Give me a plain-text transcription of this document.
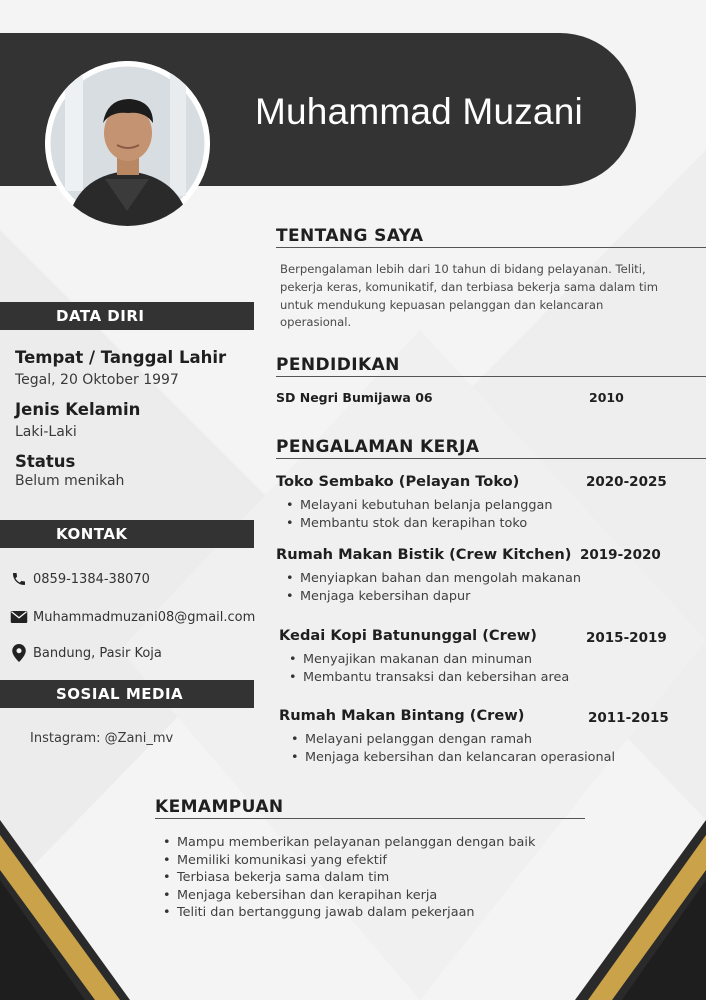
Muhammad Muzani
DATA DIRI
Tempat / Tanggal Lahir
Tegal, 20 Oktober 1997
Jenis Kelamin
Laki-Laki
Status
Belum menikah
KONTAK
0859-1384-38070
Muhammadmuzani08@gmail.com
Bandung, Pasir Koja
SOSIAL MEDIA
Instagram: @Zani_mv
TENTANG SAYA
Berpengalaman lebih dari 10 tahun di bidang pelayanan. Teliti, pekerja keras, komunikatif, dan terbiasa bekerja sama dalam tim untuk mendukung kepuasan pelanggan dan kelancaran operasional.
PENDIDIKAN
SD Negri Bumijawa 06	2010
PENGALAMAN KERJA
Toko Sembako (Pelayan Toko)	2020-2025
• Melayani kebutuhan belanja pelanggan
• Membantu stok dan kerapihan toko
Rumah Makan Bistik (Crew Kitchen) 2019-2020
• Menyiapkan bahan dan mengolah makanan
• Menjaga kebersihan dapur
Kedai Kopi Batununggal (Crew)	2015-2019
• Menyajikan makanan dan minuman
• Membantu transaksi dan kebersihan area
Rumah Makan Bintang (Crew)	2011-2015
• Melayani pelanggan dengan ramah
• Menjaga kebersihan dan kelancaran operasional
KEMAMPUAN
• Mampu memberikan pelayanan pelanggan dengan baik
• Memiliki komunikasi yang efektif
• Terbiasa bekerja sama dalam tim
• Menjaga kebersihan dan kerapihan kerja
• Teliti dan bertanggung jawab dalam pekerjaan
